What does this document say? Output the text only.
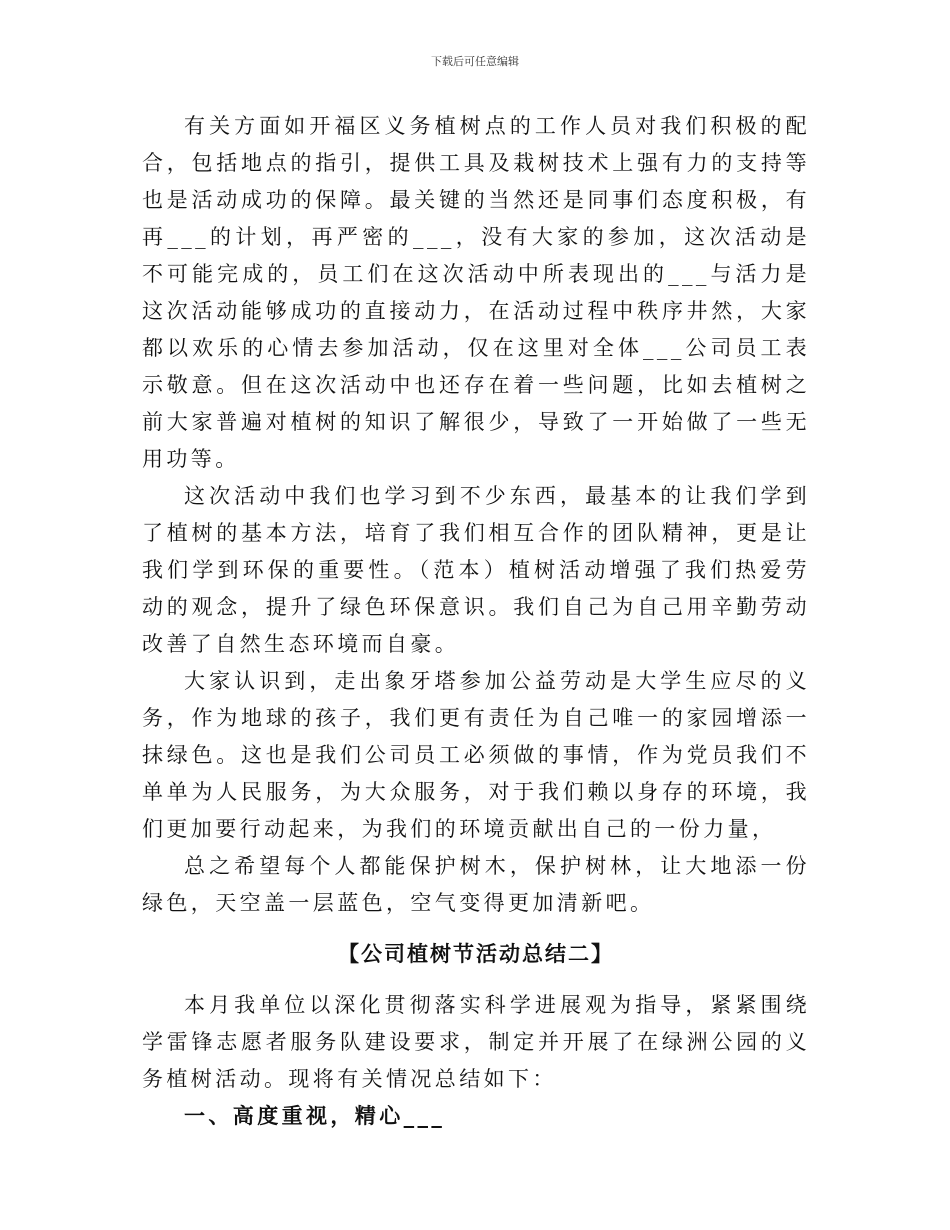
下载后可任意编辑

有关方面如开福区义务植树点的工作人员对我们积极的配合，包括地点的指引，提供工具及栽树技术上强有力的支持等也是活动成功的保障。最关键的当然还是同事们态度积极，有再___的计划，再严密的___，没有大家的参加，这次活动是不可能完成的，员工们在这次活动中所表现出的___与活力是这次活动能够成功的直接动力，在活动过程中秩序井然，大家都以欢乐的心情去参加活动，仅在这里对全体___公司员工表示敬意。但在这次活动中也还存在着一些问题，比如去植树之前大家普遍对植树的知识了解很少，导致了一开始做了一些无用功等。

这次活动中我们也学习到不少东西，最基本的让我们学到了植树的基本方法，培育了我们相互合作的团队精神，更是让我们学到环保的重要性。（范本）植树活动增强了我们热爱劳动的观念，提升了绿色环保意识。我们自己为自己用辛勤劳动改善了自然生态环境而自豪。

大家认识到，走出象牙塔参加公益劳动是大学生应尽的义务，作为地球的孩子，我们更有责任为自己唯一的家园增添一抹绿色。这也是我们公司员工必须做的事情，作为党员我们不单单为人民服务，为大众服务，对于我们赖以身存的环境，我们更加要行动起来，为我们的环境贡献出自己的一份力量，

总之希望每个人都能保护树木，保护树林，让大地添一份绿色，天空盖一层蓝色，空气变得更加清新吧。

【公司植树节活动总结二】

本月我单位以深化贯彻落实科学进展观为指导，紧紧围绕学雷锋志愿者服务队建设要求，制定并开展了在绿洲公园的义务植树活动。现将有关情况总结如下：

一、高度重视，精心___
